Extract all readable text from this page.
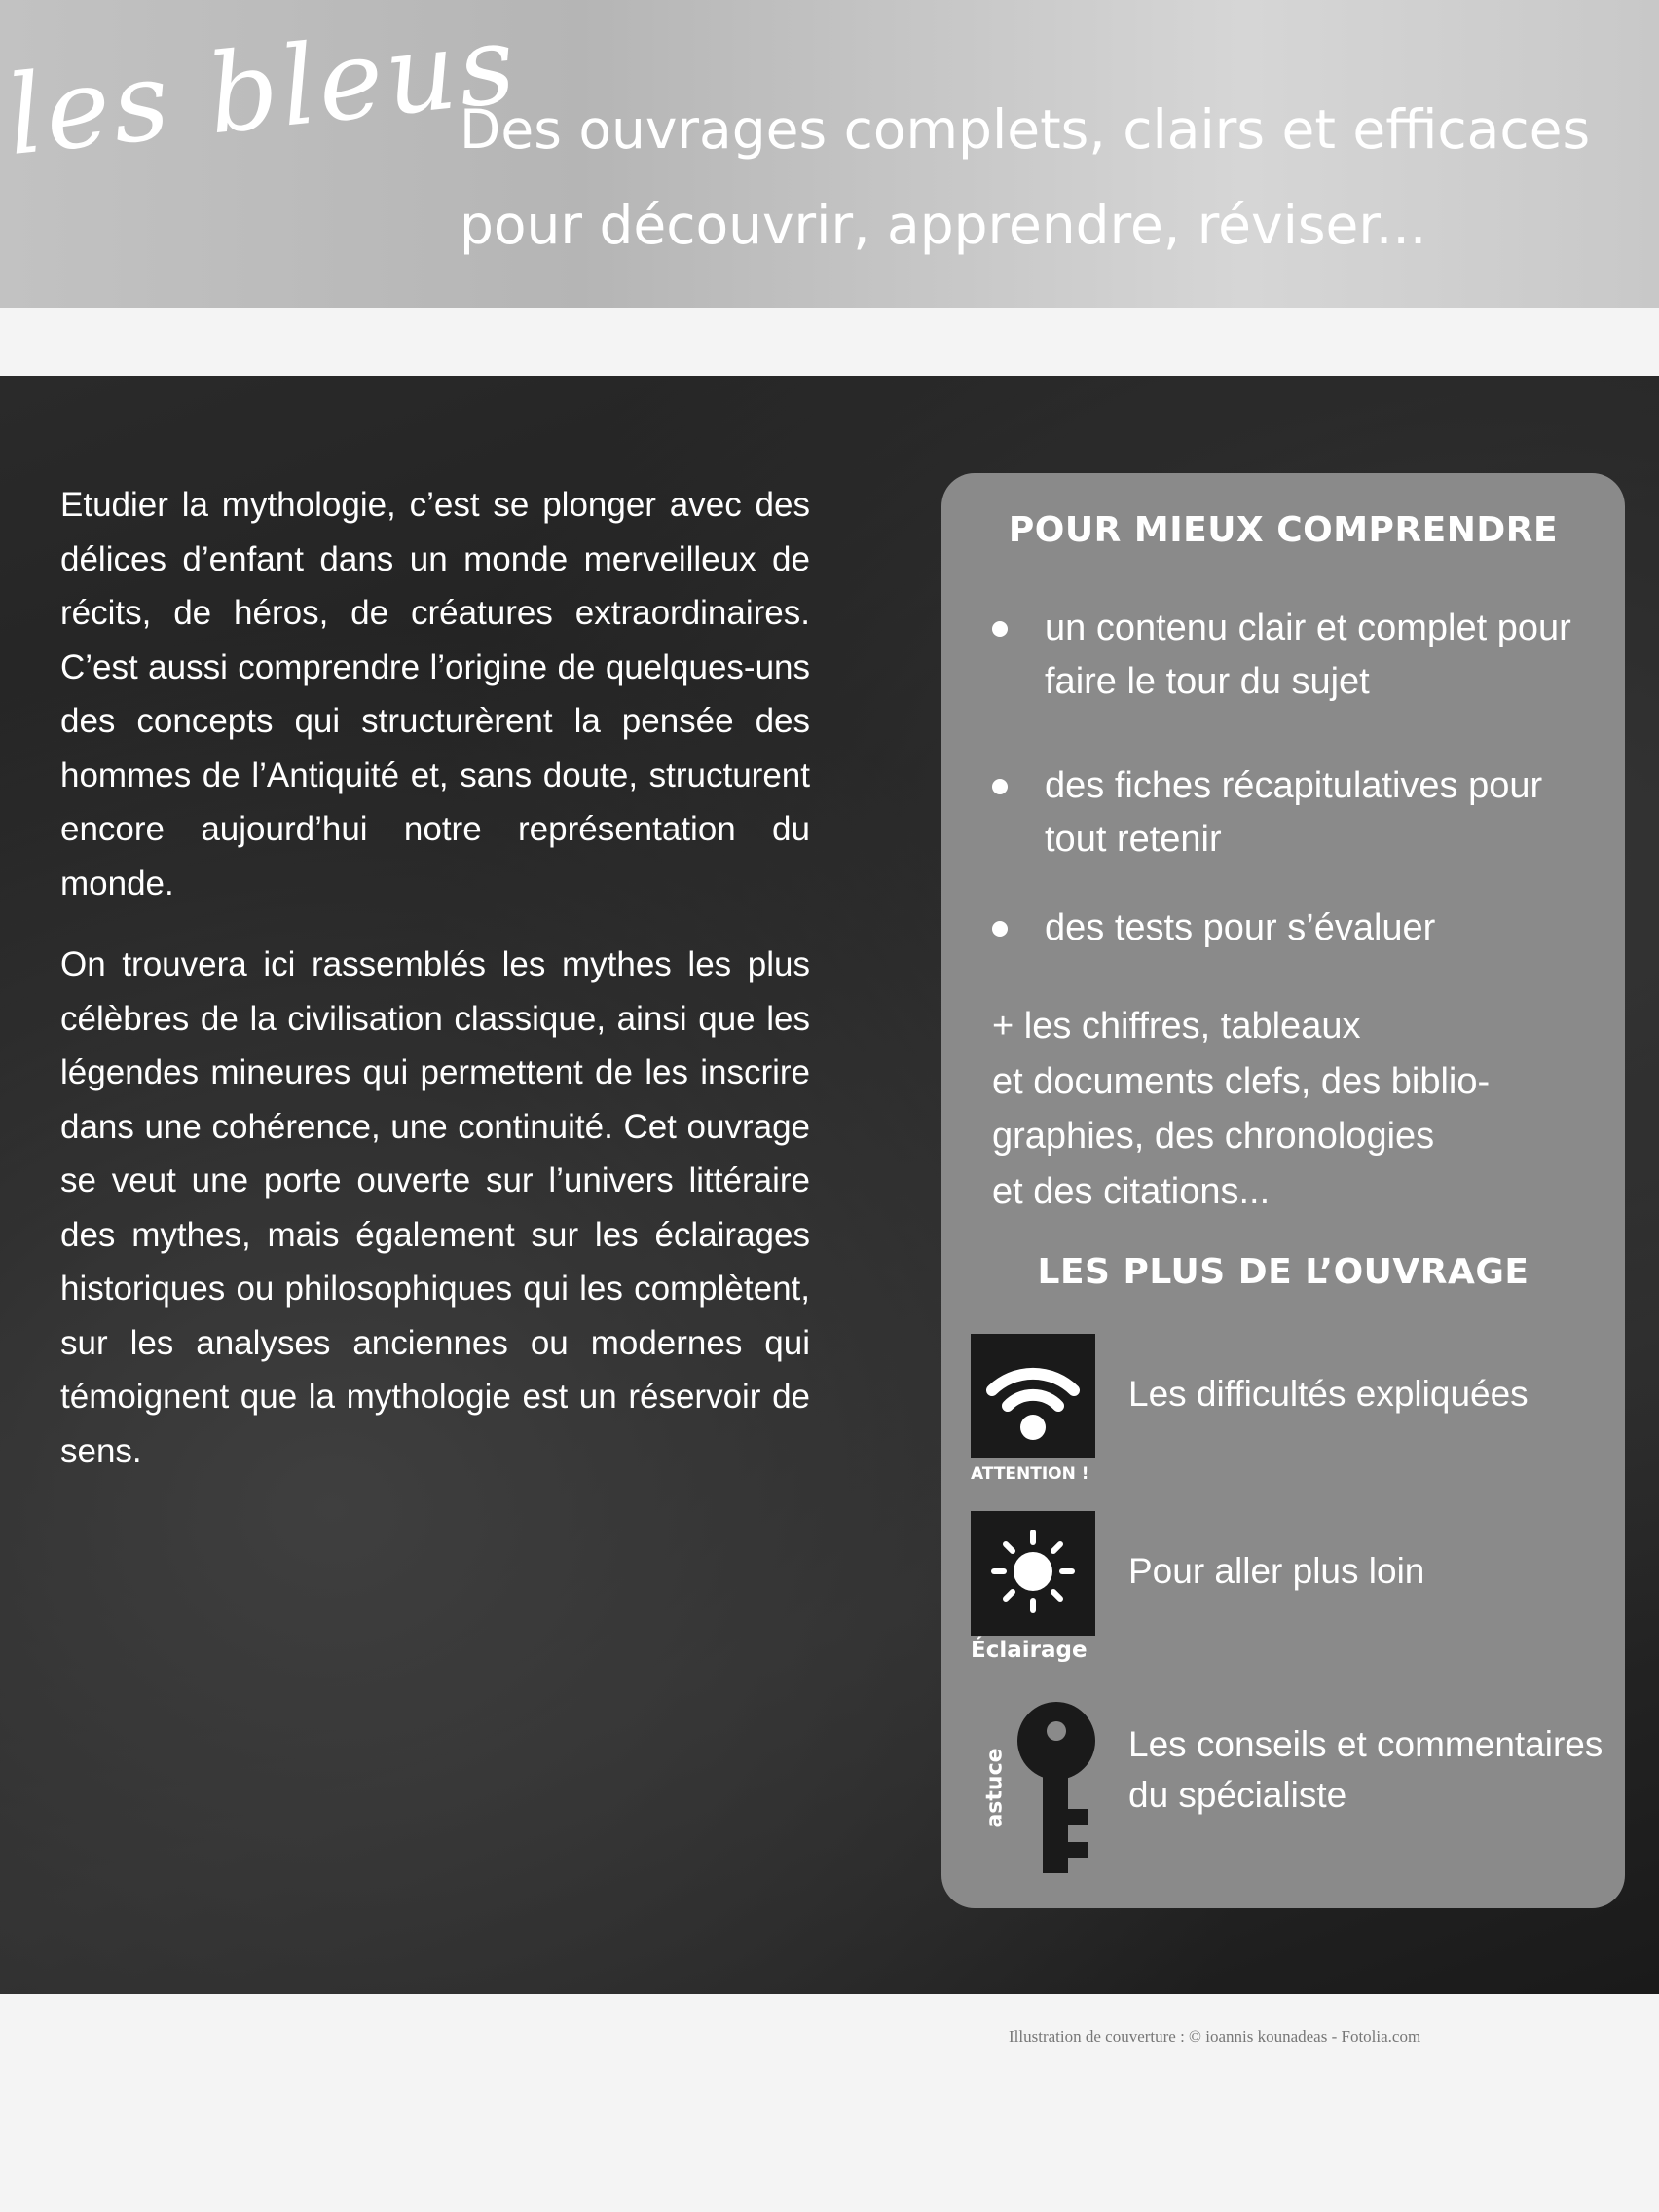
les bleus
Des ouvrages complets, clairs et efficaces
pour découvrir, apprendre, réviser...

Etudier la mythologie, c’est se plonger avec des délices d’enfant dans un monde merveilleux de récits, de héros, de créatures extraordinaires. C’est aussi comprendre l’origine de quelques-uns des concepts qui structurèrent la pensée des hommes de l’Antiquité et, sans doute, structurent encore aujourd’hui notre représentation du monde.

On trouvera ici rassemblés les mythes les plus célèbres de la civilisation classique, ainsi que les légendes mineures qui permettent de les inscrire dans une cohérence, une continuité. Cet ouvrage se veut une porte ouverte sur l’univers littéraire des mythes, mais également sur les éclairages historiques ou philosophiques qui les complètent, sur les analyses anciennes ou modernes qui témoignent que la mythologie est un réservoir de sens.

POUR MIEUX COMPRENDRE
un contenu clair et complet pour faire le tour du sujet
des fiches récapitulatives pour tout retenir
des tests pour s’évaluer
+ les chiffres, tableaux
et documents clefs, des biblio-
graphies, des chronologies
et des citations...
LES PLUS DE L’OUVRAGE
ATTENTION !
Les difficultés expliquées
Éclairage
Pour aller plus loin
astuce
Les conseils et commentaires du spécialiste
Illustration de couverture : © ioannis kounadeas - Fotolia.com
